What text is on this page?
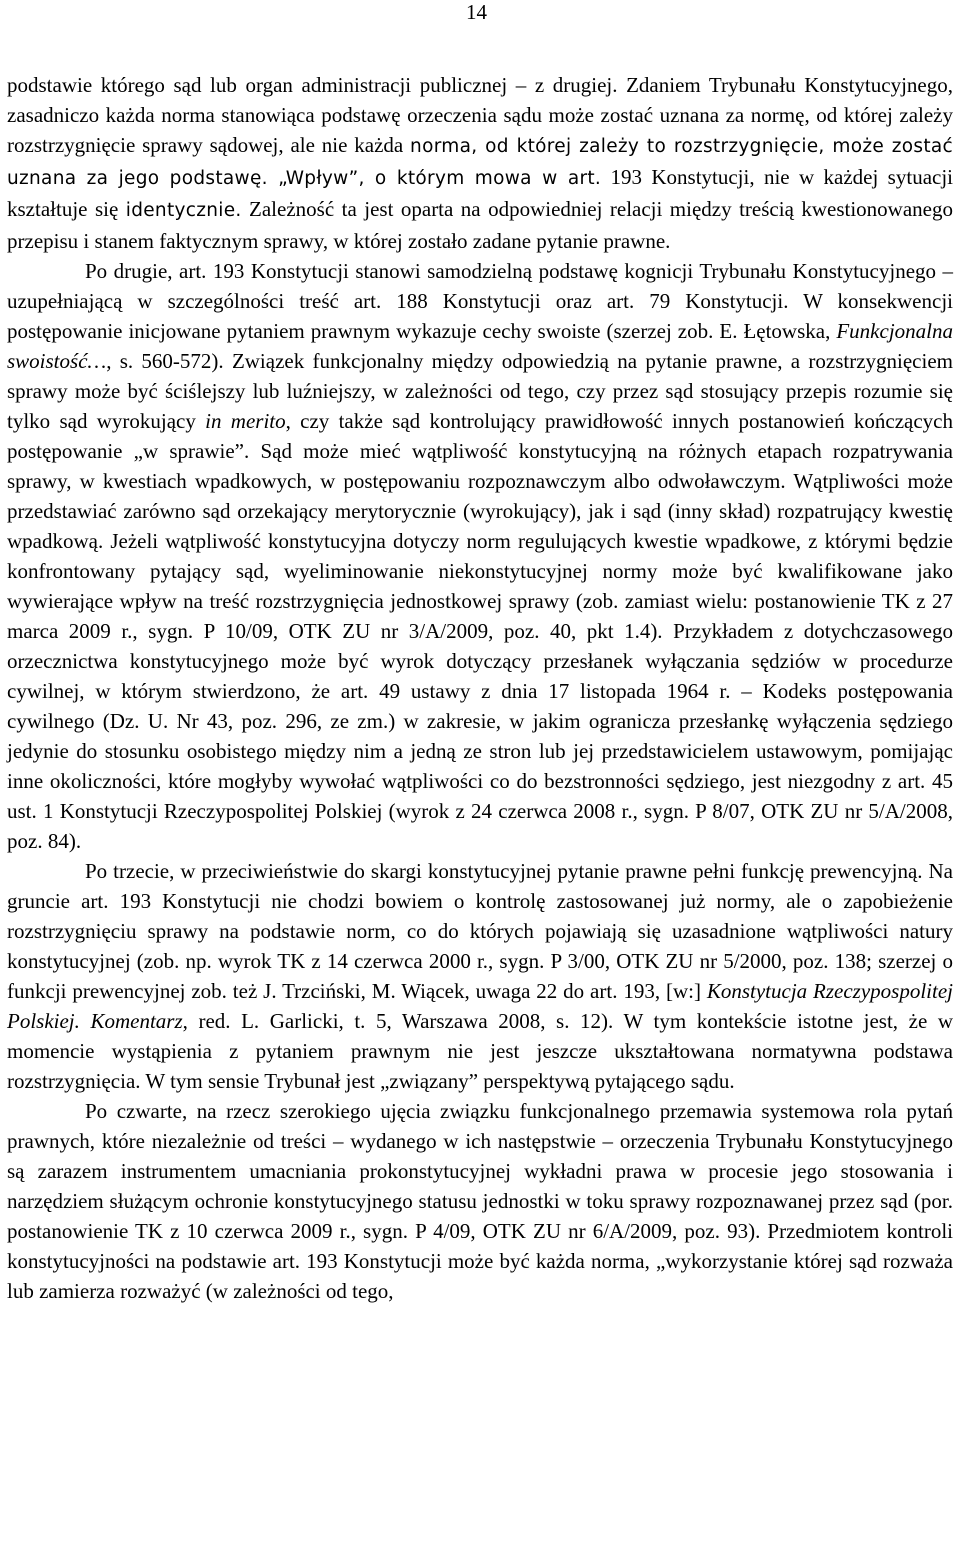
14

podstawie którego sąd lub organ administracji publicznej – z drugiej. Zdaniem Trybunału Konstytucyjnego, zasadniczo każda norma stanowiąca podstawę orzeczenia sądu może zostać uznana za normę, od której zależy rozstrzygnięcie sprawy sądowej, ale nie każda norma, od której zależy to rozstrzygnięcie, może zostać uznana za jego podstawę. „Wpływ”, o którym mowa w art. 193 Konstytucji, nie w każdej sytuacji kształtuje się identycznie. Zależność ta jest oparta na odpowiedniej relacji między treścią kwestionowanego przepisu i stanem faktycznym sprawy, w której zostało zadane pytanie prawne.

Po drugie, art. 193 Konstytucji stanowi samodzielną podstawę kognicji Trybunału Konstytucyjnego – uzupełniającą w szczególności treść art. 188 Konstytucji oraz art. 79 Konstytucji. W konsekwencji postępowanie inicjowane pytaniem prawnym wykazuje cechy swoiste (szerzej zob. E. Łętowska, Funkcjonalna swoistość…, s. 560-572). Związek funkcjonalny między odpowiedzią na pytanie prawne, a rozstrzygnięciem sprawy może być ściślejszy lub luźniejszy, w zależności od tego, czy przez sąd stosujący przepis rozumie się tylko sąd wyrokujący in merito, czy także sąd kontrolujący prawidłowość innych postanowień kończących postępowanie „w sprawie”. Sąd może mieć wątpliwość konstytucyjną na różnych etapach rozpatrywania sprawy, w kwestiach wpadkowych, w postępowaniu rozpoznawczym albo odwoławczym. Wątpliwości może przedstawiać zarówno sąd orzekający merytorycznie (wyrokujący), jak i sąd (inny skład) rozpatrujący kwestię wpadkową. Jeżeli wątpliwość konstytucyjna dotyczy norm regulujących kwestie wpadkowe, z którymi będzie konfrontowany pytający sąd, wyeliminowanie niekonstytucyjnej normy może być kwalifikowane jako wywierające wpływ na treść rozstrzygnięcia jednostkowej sprawy (zob. zamiast wielu: postanowienie TK z 27 marca 2009 r., sygn. P 10/09, OTK ZU nr 3/A/2009, poz. 40, pkt 1.4). Przykładem z dotychczasowego orzecznictwa konstytucyjnego może być wyrok dotyczący przesłanek wyłączania sędziów w procedurze cywilnej, w którym stwierdzono, że art. 49 ustawy z dnia 17 listopada 1964 r. – Kodeks postępowania cywilnego (Dz. U. Nr 43, poz. 296, ze zm.) w zakresie, w jakim ogranicza przesłankę wyłączenia sędziego jedynie do stosunku osobistego między nim a jedną ze stron lub jej przedstawicielem ustawowym, pomijając inne okoliczności, które mogłyby wywołać wątpliwości co do bezstronności sędziego, jest niezgodny z art. 45 ust. 1 Konstytucji Rzeczypospolitej Polskiej (wyrok z 24 czerwca 2008 r., sygn. P 8/07, OTK ZU nr 5/A/2008, poz. 84).

Po trzecie, w przeciwieństwie do skargi konstytucyjnej pytanie prawne pełni funkcję prewencyjną. Na gruncie art. 193 Konstytucji nie chodzi bowiem o kontrolę zastosowanej już normy, ale o zapobieżenie rozstrzygnięciu sprawy na podstawie norm, co do których pojawiają się uzasadnione wątpliwości natury konstytucyjnej (zob. np. wyrok TK z 14 czerwca 2000 r., sygn. P 3/00, OTK ZU nr 5/2000, poz. 138; szerzej o funkcji prewencyjnej zob. też J. Trzciński, M. Wiącek, uwaga 22 do art. 193, [w:] Konstytucja Rzeczypospolitej Polskiej. Komentarz, red. L. Garlicki, t. 5, Warszawa 2008, s. 12). W tym kontekście istotne jest, że w momencie wystąpienia z pytaniem prawnym nie jest jeszcze ukształtowana normatywna podstawa rozstrzygnięcia. W tym sensie Trybunał jest „związany” perspektywą pytającego sądu.

Po czwarte, na rzecz szerokiego ujęcia związku funkcjonalnego przemawia systemowa rola pytań prawnych, które niezależnie od treści – wydanego w ich następstwie – orzeczenia Trybunału Konstytucyjnego są zarazem instrumentem umacniania prokonstytucyjnej wykładni prawa w procesie jego stosowania i narzędziem służącym ochronie konstytucyjnego statusu jednostki w toku sprawy rozpoznawanej przez sąd (por. postanowienie TK z 10 czerwca 2009 r., sygn. P 4/09, OTK ZU nr 6/A/2009, poz. 93). Przedmiotem kontroli konstytucyjności na podstawie art. 193 Konstytucji może być każda norma, „wykorzystanie której sąd rozważa lub zamierza rozważyć (w zależności od tego,
